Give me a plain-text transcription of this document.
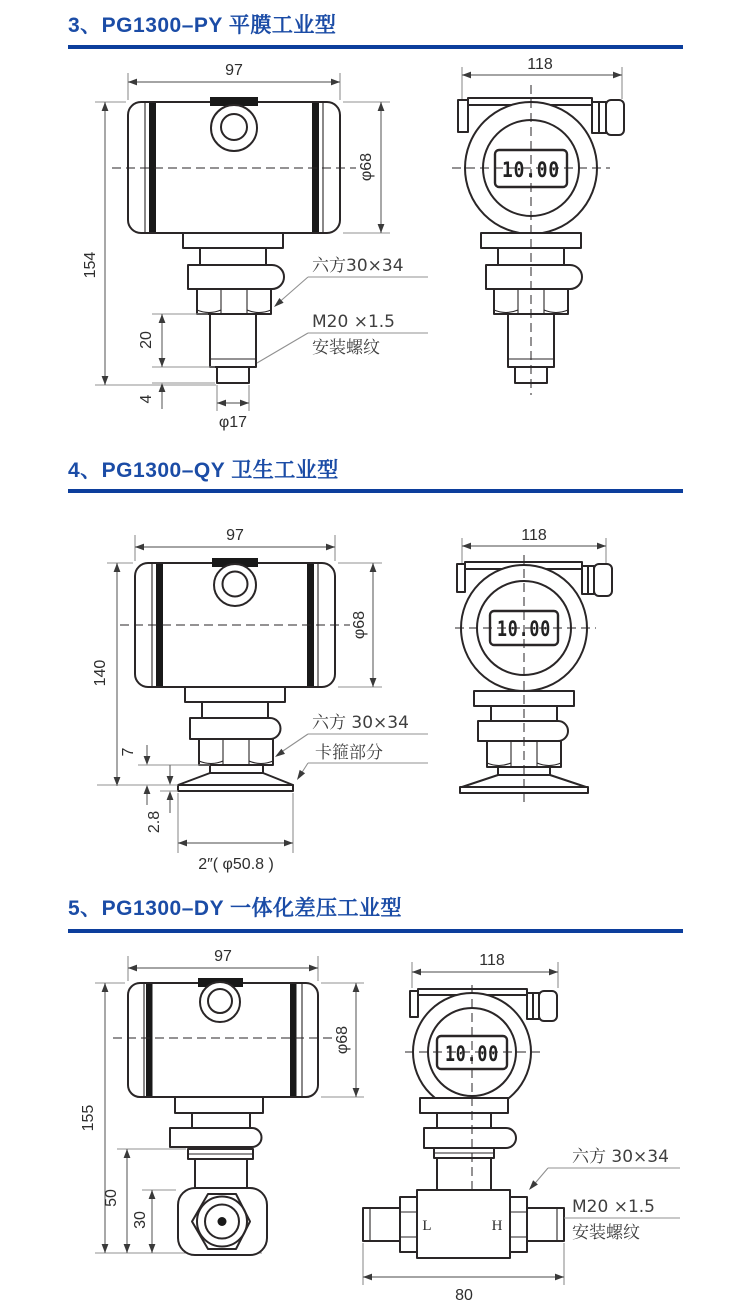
3、PG1300–PY 平膜工业型
97
φ68
154
20
4
φ17
六方30×34
M20 ×1.5
安装螺纹
118
10.00
4、PG1300–QY 卫生工业型
97
φ68
140
7
2.8
2″( φ50.8 )
六方 30×34
卡箍部分
118
10.00
5、PG1300–DY 一体化差压工业型
97
φ68
155
50
30
118
10.00
L	H
80
六方 30×34
M20 ×1.5
安装螺纹
